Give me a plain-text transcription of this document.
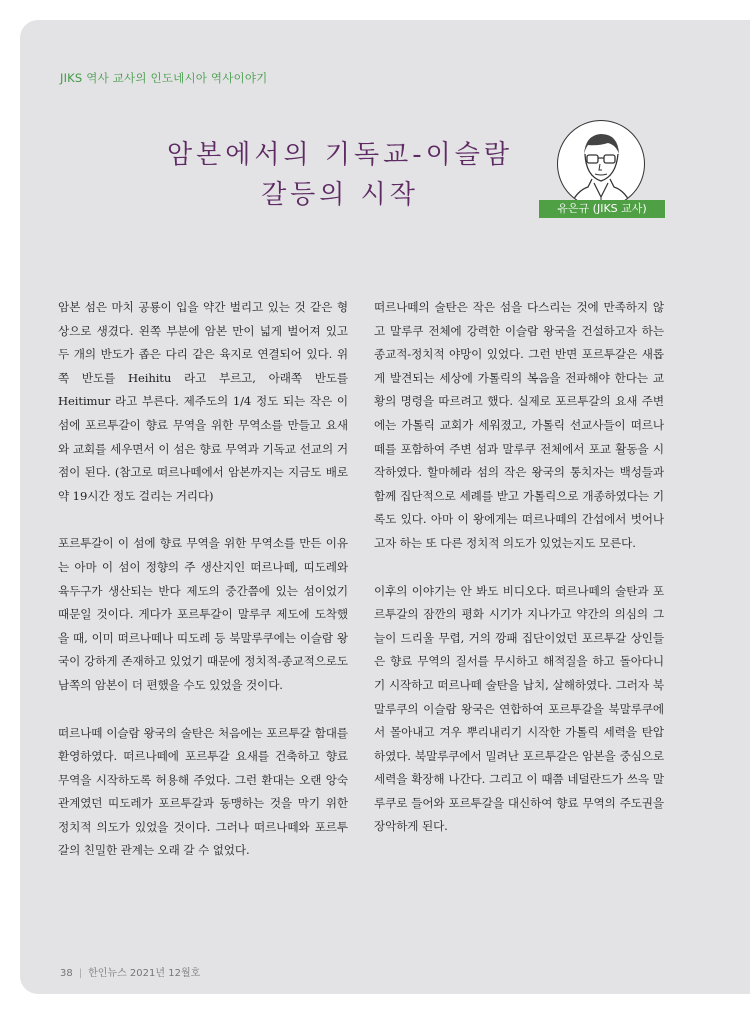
JIKS 역사 교사의 인도네시아 역사이야기
암본에서의 기독교-이슬람
갈등의 시작	유은규 (JIKS 교사)

암본 섬은 마치 공룡이 입을 약간 벌리고 있는 것 같은 형상으로 생겼다. 왼쪽 부분에 암본 만이 넓게 벌어져 있고 두 개의 반도가 좁은 다리 같은 육지로 연결되어 있다. 위쪽 반도를 Heihitu 라고 부르고, 아래쪽 반도를 Heitimur 라고 부른다. 제주도의 1/4 정도 되는 작은 이 섬에 포르투갈이 향료 무역을 위한 무역소를 만들고 요새와 교회를 세우면서 이 섬은 향료 무역과 기독교 선교의 거점이 된다. (참고로 떠르나떼에서 암본까지는 지금도 배로 약 19시간 정도 걸리는 거리다)

포르투갈이 이 섬에 향료 무역을 위한 무역소를 만든 이유는 아마 이 섬이 정향의 주 생산지인 떠르나떼, 띠도레와 육두구가 생산되는 반다 제도의 중간쯤에 있는 섬이었기 때문일 것이다. 게다가 포르투갈이 말루쿠 제도에 도착했을 때, 이미 떠르나떼나 띠도레 등 북말루쿠에는 이슬람 왕국이 강하게 존재하고 있었기 때문에 정치적-종교적으로도 남쪽의 암본이 더 편했을 수도 있었을 것이다.

떠르나떼 이슬람 왕국의 술탄은 처음에는 포르투갈 함대를 환영하였다. 떠르나떼에 포르투갈 요새를 건축하고 향료 무역을 시작하도록 허용해 주었다. 그런 환대는 오랜 앙숙 관계였던 띠도레가 포르투갈과 동맹하는 것을 막기 위한 정치적 의도가 있었을 것이다. 그러나 떠르나떼와 포르투갈의 친밀한 관계는 오래 갈 수 없었다.

떠르나떼의 술탄은 작은 섬을 다스리는 것에 만족하지 않고 말루쿠 전체에 강력한 이슬람 왕국을 건설하고자 하는 종교적-정치적 야망이 있었다. 그런 반면 포르투갈은 새롭게 발견되는 세상에 가톨릭의 복음을 전파해야 한다는 교황의 명령을 따르려고 했다. 실제로 포르투갈의 요새 주변에는 가톨릭 교회가 세워졌고, 가톨릭 선교사들이 떠르나떼를 포함하여 주변 섬과 말루쿠 전체에서 포교 활동을 시작하였다. 할마헤라 섬의 작은 왕국의 통치자는 백성들과 함께 집단적으로 세례를 받고 가톨릭으로 개종하였다는 기록도 있다. 아마 이 왕에게는 떠르나떼의 간섭에서 벗어나고자 하는 또 다른 정치적 의도가 있었는지도 모른다.

이후의 이야기는 안 봐도 비디오다. 떠르나떼의 술탄과 포르투갈의 잠깐의 평화 시기가 지나가고 약간의 의심의 그늘이 드리울 무렵, 거의 깡패 집단이었던 포르투갈 상인들은 향료 무역의 질서를 무시하고 해적질을 하고 돌아다니기 시작하고 떠르나떼 술탄을 납치, 살해하였다. 그러자 북말루쿠의 이슬람 왕국은 연합하여 포르투갈을 북말루쿠에서 몰아내고 겨우 뿌리내리기 시작한 가톨릭 세력을 탄압하였다. 북말루쿠에서 밀려난 포르투갈은 암본을 중심으로 세력을 확장해 나간다. 그리고 이 때쯤 네덜란드가 쓰윽 말루쿠로 들어와 포르투갈을 대신하여 향료 무역의 주도권을 장악하게 된다.

38 | 한인뉴스 2021년 12월호
